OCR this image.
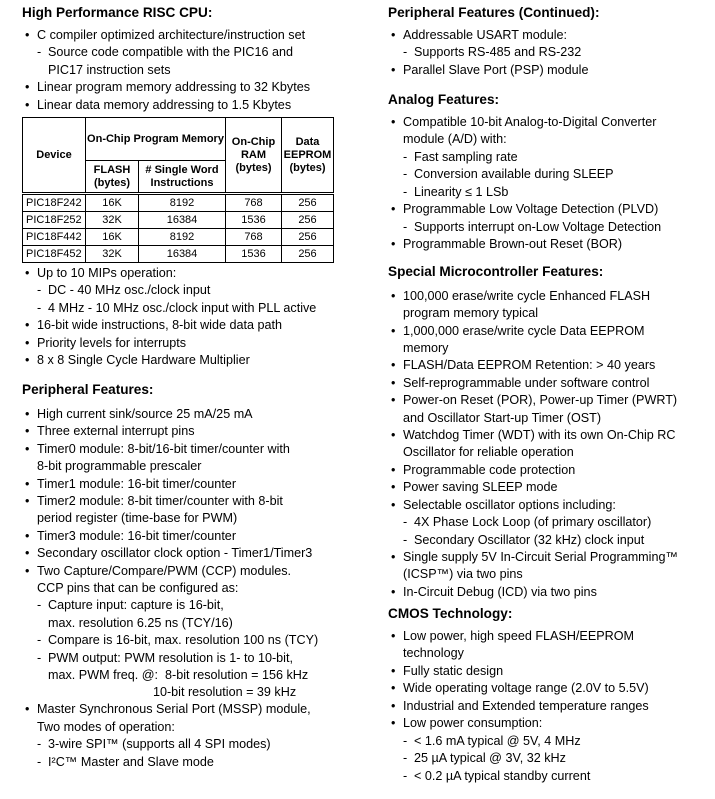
High Performance RISC CPU:
• C compiler optimized architecture/instruction set
- Source code compatible with the PIC16 and
PIC17 instruction sets
• Linear program memory addressing to 32 Kbytes
• Linear data memory addressing to 1.5 Kbytes
Device	On-Chip Program Memory		On-Chip RAM (bytes)	Data EEPROM (bytes)
	FLASH (bytes)	# Single Word Instructions		
PIC18F242	16K	8192	768	256
PIC18F252	32K	16384	1536	256
PIC18F442	16K	8192	768	256
PIC18F452	32K	16384	1536	256
• Up to 10 MIPs operation:
- DC - 40 MHz osc./clock input
- 4 MHz - 10 MHz osc./clock input with PLL active
• 16-bit wide instructions, 8-bit wide data path
• Priority levels for interrupts
• 8 x 8 Single Cycle Hardware Multiplier
Peripheral Features:
• High current sink/source 25 mA/25 mA
• Three external interrupt pins
• Timer0 module: 8-bit/16-bit timer/counter with
8-bit programmable prescaler
• Timer1 module: 16-bit timer/counter
• Timer2 module: 8-bit timer/counter with 8-bit
period register (time-base for PWM)
• Timer3 module: 16-bit timer/counter
• Secondary oscillator clock option - Timer1/Timer3
• Two Capture/Compare/PWM (CCP) modules.
CCP pins that can be configured as:
- Capture input: capture is 16-bit,
max. resolution 6.25 ns (TCY/16)
- Compare is 16-bit, max. resolution 100 ns (TCY)
- PWM output: PWM resolution is 1- to 10-bit,
max. PWM freq. @:  8-bit resolution = 156 kHz
10-bit resolution = 39 kHz
• Master Synchronous Serial Port (MSSP) module,
Two modes of operation:
- 3-wire SPI™ (supports all 4 SPI modes)
- I²C™ Master and Slave mode
Peripheral Features (Continued):
• Addressable USART module:
- Supports RS-485 and RS-232
• Parallel Slave Port (PSP) module
Analog Features:
• Compatible 10-bit Analog-to-Digital Converter
module (A/D) with:
- Fast sampling rate
- Conversion available during SLEEP
- Linearity ≤ 1 LSb
• Programmable Low Voltage Detection (PLVD)
- Supports interrupt on-Low Voltage Detection
• Programmable Brown-out Reset (BOR)
Special Microcontroller Features:
• 100,000 erase/write cycle Enhanced FLASH
program memory typical
• 1,000,000 erase/write cycle Data EEPROM
memory
• FLASH/Data EEPROM Retention: > 40 years
• Self-reprogrammable under software control
• Power-on Reset (POR), Power-up Timer (PWRT)
and Oscillator Start-up Timer (OST)
• Watchdog Timer (WDT) with its own On-Chip RC
Oscillator for reliable operation
• Programmable code protection
• Power saving SLEEP mode
• Selectable oscillator options including:
- 4X Phase Lock Loop (of primary oscillator)
- Secondary Oscillator (32 kHz) clock input
• Single supply 5V In-Circuit Serial Programming™
(ICSP™) via two pins
• In-Circuit Debug (ICD) via two pins
CMOS Technology:
• Low power, high speed FLASH/EEPROM
technology
• Fully static design
• Wide operating voltage range (2.0V to 5.5V)
• Industrial and Extended temperature ranges
• Low power consumption:
- < 1.6 mA typical @ 5V, 4 MHz
- 25 µA typical @ 3V, 32 kHz
- < 0.2 µA typical standby current
